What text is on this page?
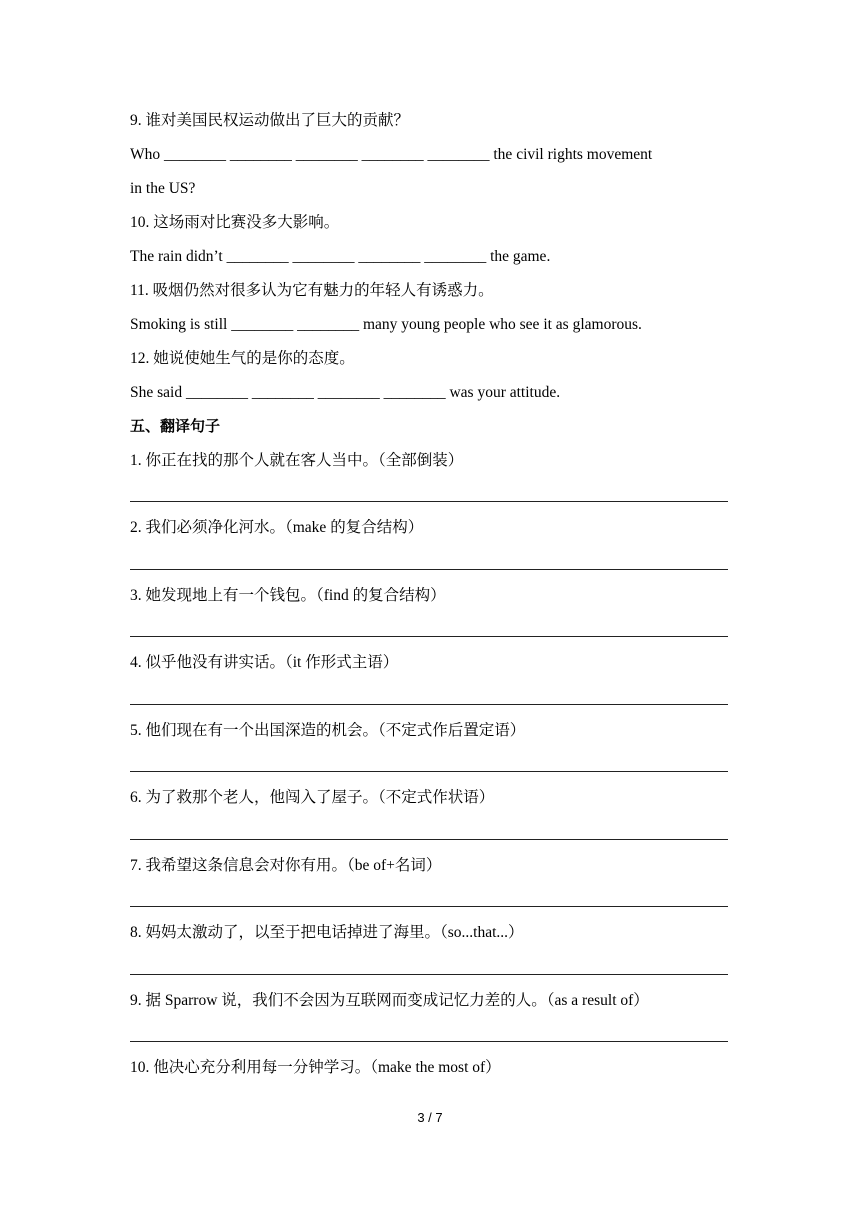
9. 谁对美国民权运动做出了巨大的贡献？
Who ________ ________ ________ ________ ________ the civil rights movement
in the US?
10. 这场雨对比赛没多大影响。
The rain didn’t ________ ________ ________ ________ the game.
11. 吸烟仍然对很多认为它有魅力的年轻人有诱惑力。
Smoking is still ________ ________ many young people who see it as glamorous.
12. 她说使她生气的是你的态度。
She said ________ ________ ________ ________ was your attitude.
五、翻译句子
1. 你正在找的那个人就在客人当中。（全部倒装）
2. 我们必须净化河水。（make 的复合结构）
3. 她发现地上有一个钱包。（find 的复合结构）
4. 似乎他没有讲实话。（it 作形式主语）
5. 他们现在有一个出国深造的机会。（不定式作后置定语）
6. 为了救那个老人，他闯入了屋子。（不定式作状语）
7. 我希望这条信息会对你有用。（be of+名词）
8. 妈妈太激动了，以至于把电话掉进了海里。（so...that...）
9. 据 Sparrow 说，我们不会因为互联网而变成记忆力差的人。（as a result of）
10. 他决心充分利用每一分钟学习。（make the most of）
3 / 7
